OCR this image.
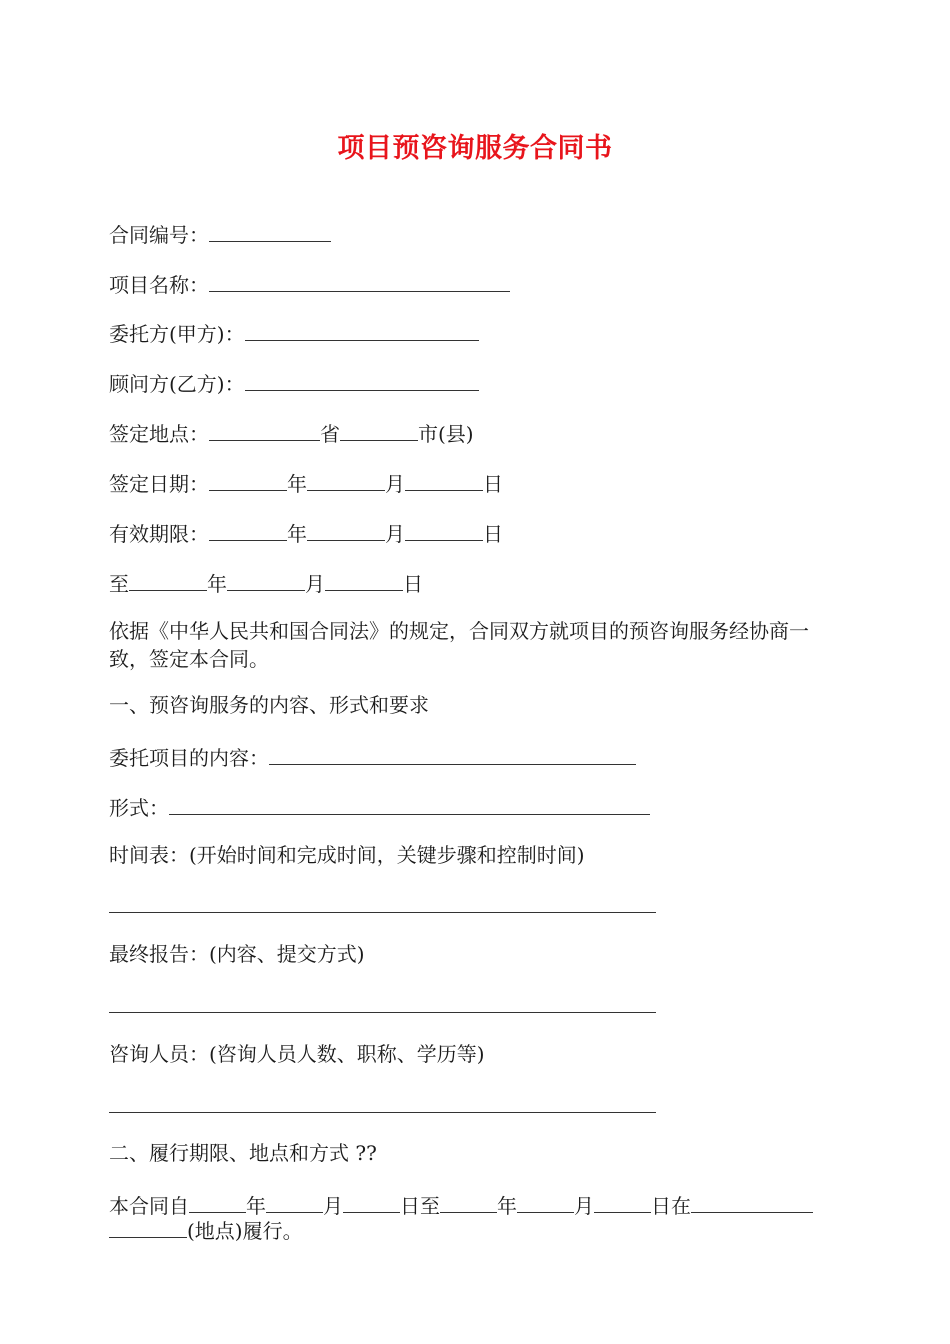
项目预咨询服务合同书
合同编号：
项目名称：
委托方(甲方)：
顾问方(乙方)：
签定地点：	省	市(县)
签定日期：	年	月	日
有效期限：	年	月	日
至	年	月	日
依据《中华人民共和国合同法》的规定，合同双方就项目的预咨询服务经协商一致，签定本合同。
一、预咨询服务的内容、形式和要求
委托项目的内容：
形式：
时间表：(开始时间和完成时间，关键步骤和控制时间)
最终报告：(内容、提交方式)
咨询人员：(咨询人员人数、职称、学历等)
二、履行期限、地点和方式 ??
本合同自	年	月	日至	年	月	日在
(地点)履行。
